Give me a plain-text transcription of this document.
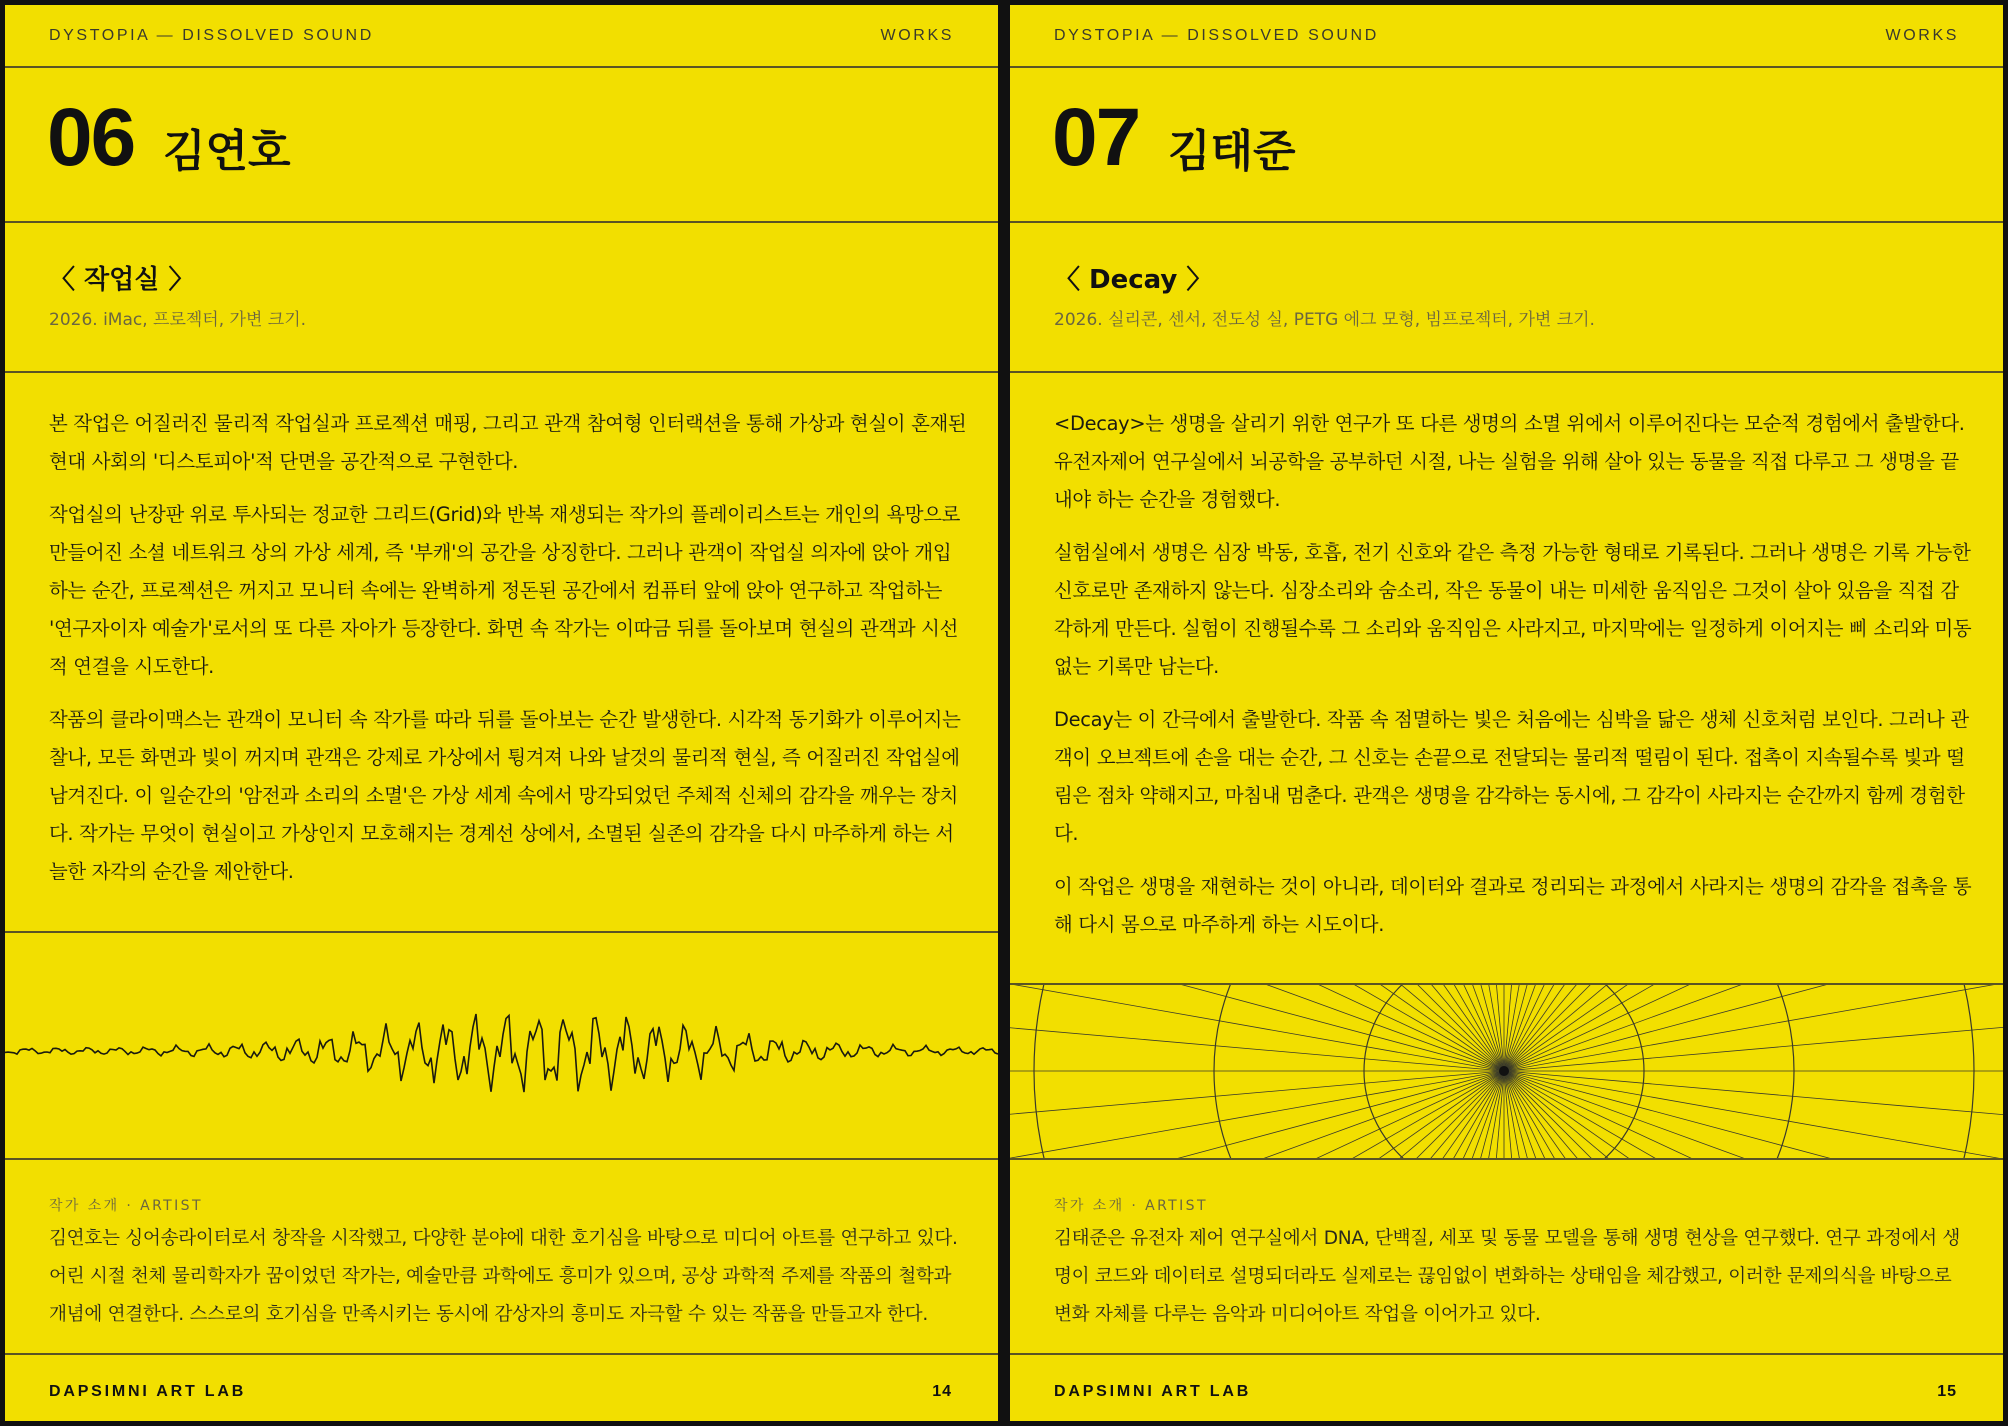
DYSTOPIA — DISSOLVED SOUND	WORKS
06 김연호
〈 작업실 〉
2026. iMac, 프로젝터, 가변 크기.

본 작업은 어질러진 물리적 작업실과 프로젝션 매핑, 그리고 관객 참여형 인터랙션을 통해 가상과 현실이 혼재된 현대 사회의 '디스토피아'적 단면을 공간적으로 구현한다.

작업실의 난장판 위로 투사되는 정교한 그리드(Grid)와 반복 재생되는 작가의 플레이리스트는 개인의 욕망으로 만들어진 소셜 네트워크 상의 가상 세계, 즉 '부캐'의 공간을 상징한다. 그러나 관객이 작업실 의자에 앉아 개입하는 순간, 프로젝션은 꺼지고 모니터 속에는 완벽하게 정돈된 공간에서 컴퓨터 앞에 앉아 연구하고 작업하는 '연구자이자 예술가'로서의 또 다른 자아가 등장한다. 화면 속 작가는 이따금 뒤를 돌아보며 현실의 관객과 시선적 연결을 시도한다.

작품의 클라이맥스는 관객이 모니터 속 작가를 따라 뒤를 돌아보는 순간 발생한다. 시각적 동기화가 이루어지는 찰나, 모든 화면과 빛이 꺼지며 관객은 강제로 가상에서 튕겨져 나와 날것의 물리적 현실, 즉 어질러진 작업실에 남겨진다. 이 일순간의 '암전과 소리의 소멸'은 가상 세계 속에서 망각되었던 주체적 신체의 감각을 깨우는 장치다. 작가는 무엇이 현실이고 가상인지 모호해지는 경계선 상에서, 소멸된 실존의 감각을 다시 마주하게 하는 서늘한 자각의 순간을 제안한다.

작가 소개 · ARTIST
김연호는 싱어송라이터로서 창작을 시작했고, 다양한 분야에 대한 호기심을 바탕으로 미디어 아트를 연구하고 있다. 어린 시절 천체 물리학자가 꿈이었던 작가는, 예술만큼 과학에도 흥미가 있으며, 공상 과학적 주제를 작품의 철학과 개념에 연결한다. 스스로의 호기심을 만족시키는 동시에 감상자의 흥미도 자극할 수 있는 작품을 만들고자 한다.
DAPSIMNI ART LAB	14
DYSTOPIA — DISSOLVED SOUND	WORKS
07 김태준
〈 Decay 〉
2026. 실리콘, 센서, 전도성 실, PETG 에그 모형, 빔프로젝터, 가변 크기.

<Decay>는 생명을 살리기 위한 연구가 또 다른 생명의 소멸 위에서 이루어진다는 모순적 경험에서 출발한다. 유전자제어 연구실에서 뇌공학을 공부하던 시절, 나는 실험을 위해 살아 있는 동물을 직접 다루고 그 생명을 끝내야 하는 순간을 경험했다.

실험실에서 생명은 심장 박동, 호흡, 전기 신호와 같은 측정 가능한 형태로 기록된다. 그러나 생명은 기록 가능한 신호로만 존재하지 않는다. 심장소리와 숨소리, 작은 동물이 내는 미세한 움직임은 그것이 살아 있음을 직접 감각하게 만든다. 실험이 진행될수록 그 소리와 움직임은 사라지고, 마지막에는 일정하게 이어지는 삐 소리와 미동 없는 기록만 남는다.

Decay는 이 간극에서 출발한다. 작품 속 점멸하는 빛은 처음에는 심박을 닮은 생체 신호처럼 보인다. 그러나 관객이 오브젝트에 손을 대는 순간, 그 신호는 손끝으로 전달되는 물리적 떨림이 된다. 접촉이 지속될수록 빛과 떨림은 점차 약해지고, 마침내 멈춘다. 관객은 생명을 감각하는 동시에, 그 감각이 사라지는 순간까지 함께 경험한다.

이 작업은 생명을 재현하는 것이 아니라, 데이터와 결과로 정리되는 과정에서 사라지는 생명의 감각을 접촉을 통해 다시 몸으로 마주하게 하는 시도이다.

작가 소개 · ARTIST
김태준은 유전자 제어 연구실에서 DNA, 단백질, 세포 및 동물 모델을 통해 생명 현상을 연구했다. 연구 과정에서 생명이 코드와 데이터로 설명되더라도 실제로는 끊임없이 변화하는 상태임을 체감했고, 이러한 문제의식을 바탕으로 변화 자체를 다루는 음악과 미디어아트 작업을 이어가고 있다.
DAPSIMNI ART LAB	15
